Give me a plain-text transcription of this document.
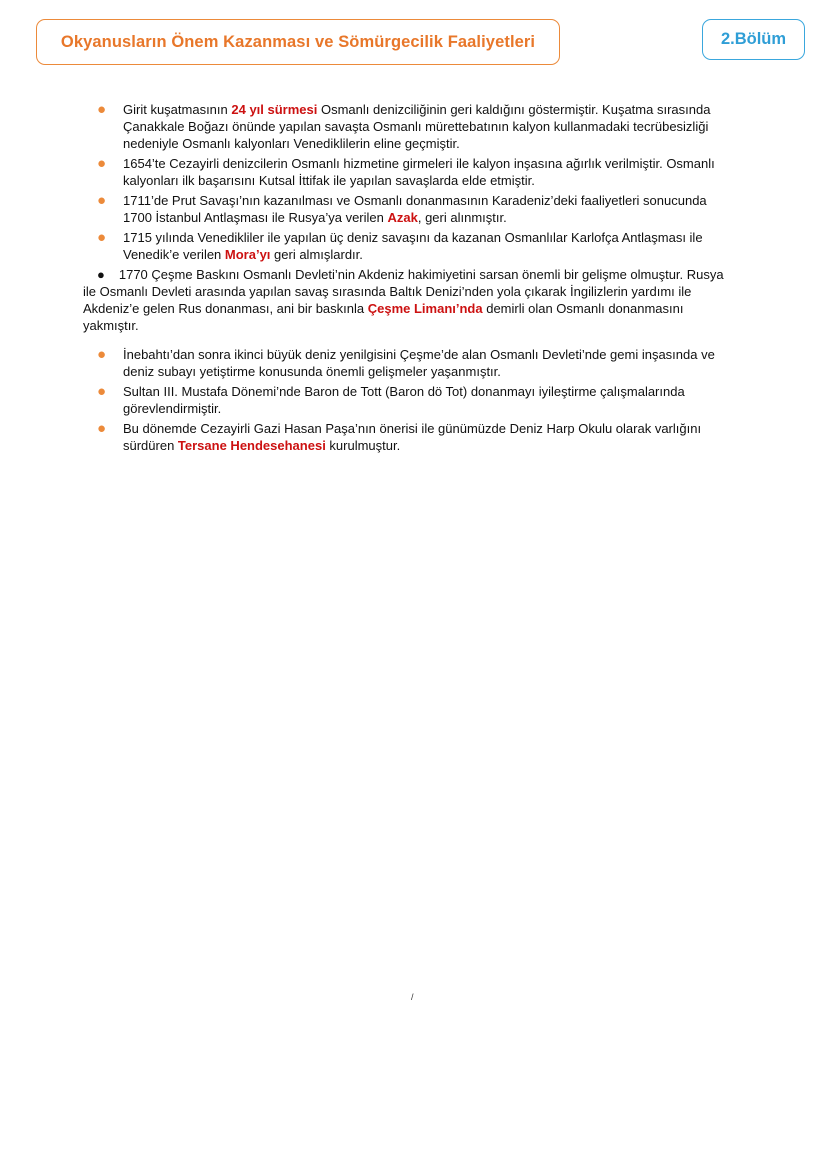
Okyanusların Önem Kazanması ve Sömürgecilik Faaliyetleri	2.Bölüm
● Girit kuşatmasının 24 yıl sürmesi Osmanlı denizciliğinin geri kaldığını göstermiştir. Kuşatma sırasında Çanakkale Boğazı önünde yapılan savaşta Osmanlı mürettebatının kalyon kullanmadaki tecrübesizliği nedeniyle Osmanlı kalyonları Venediklilerin eline geçmiştir.
● 1654’te Cezayirli denizcilerin Osmanlı hizmetine girmeleri ile kalyon inşasına ağırlık verilmiştir. Osmanlı kalyonları ilk başarısını Kutsal İttifak ile yapılan savaşlarda elde etmiştir.
● 1711’de Prut Savaşı’nın kazanılması ve Osmanlı donanmasının Karadeniz’deki faaliyetleri sonucunda 1700 İstanbul Antlaşması ile Rusya’ya verilen Azak, geri alınmıştır.
● 1715 yılında Venedikliler ile yapılan üç deniz savaşını da kazanan Osmanlılar Karlofça Antlaşması ile Venedik’e verilen Mora’yı geri almışlardır.
● 1770 Çeşme Baskını Osmanlı Devleti’nin Akdeniz hakimiyetini sarsan önemli bir gelişme olmuştur. Rusya ile Osmanlı Devleti arasında yapılan savaş sırasında Baltık Denizi’nden yola çıkarak İngilizlerin yardımı ile Akdeniz’e gelen Rus donanması, ani bir baskınla Çeşme Limanı’nda demirli olan Osmanlı donanmasını yakmıştır.
● İnebahtı’dan sonra ikinci büyük deniz yenilgisini Çeşme’de alan Osmanlı Devleti’nde gemi inşasında ve deniz subayı yetiştirme konusunda önemli gelişmeler yaşanmıştır.
● Sultan III. Mustafa Dönemi’nde Baron de Tott (Baron dö Tot) donanmayı iyileştirme çalışmalarında görevlendirmiştir.
● Bu dönemde Cezayirli Gazi Hasan Paşa’nın önerisi ile günümüzde Deniz Harp Okulu olarak varlığını sürdüren Tersane Hendesehanesi kurulmuştur.
/
